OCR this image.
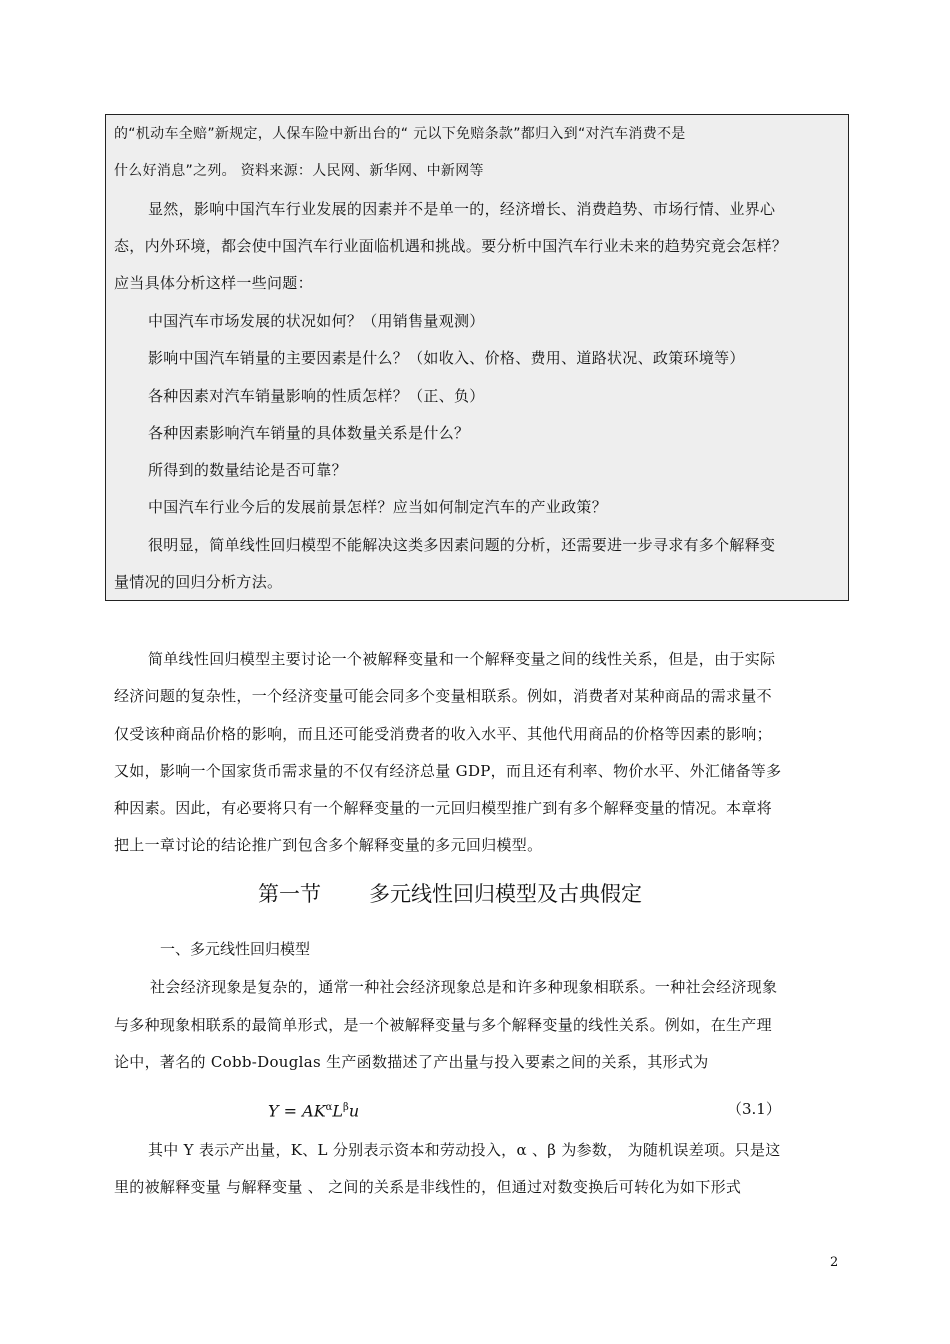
的“机动车全赔”新规定，人保车险中新出台的“ 元以下免赔条款”都归入到“对汽车消费不是
什么好消息”之列。 资料来源：人民网、新华网、中新网等
显然，影响中国汽车行业发展的因素并不是单一的，经济增长、消费趋势、市场行情、业界心
态，内外环境，都会使中国汽车行业面临机遇和挑战。要分析中国汽车行业未来的趋势究竟会怎样？
应当具体分析这样一些问题：
中国汽车市场发展的状况如何？（用销售量观测）
影响中国汽车销量的主要因素是什么？（如收入、价格、费用、道路状况、政策环境等）
各种因素对汽车销量影响的性质怎样？（正、负）
各种因素影响汽车销量的具体数量关系是什么？
所得到的数量结论是否可靠？
中国汽车行业今后的发展前景怎样？应当如何制定汽车的产业政策？
很明显，简单线性回归模型不能解决这类多因素问题的分析，还需要进一步寻求有多个解释变
量情况的回归分析方法。
简单线性回归模型主要讨论一个被解释变量和一个解释变量之间的线性关系，但是，由于实际
经济问题的复杂性，一个经济变量可能会同多个变量相联系。例如，消费者对某种商品的需求量不
仅受该种商品价格的影响，而且还可能受消费者的收入水平、其他代用商品的价格等因素的影响；
又如，影响一个国家货币需求量的不仅有经济总量 GDP，而且还有利率、物价水平、外汇储备等多
种因素。因此，有必要将只有一个解释变量的一元回归模型推广到有多个解释变量的情况。本章将
把上一章讨论的结论推广到包含多个解释变量的多元回归模型。
第一节 多元线性回归模型及古典假定
一、多元线性回归模型
社会经济现象是复杂的，通常一种社会经济现象总是和许多种现象相联系。一种社会经济现象
与多种现象相联系的最简单形式，是一个被解释变量与多个解释变量的线性关系。例如，在生产理
论中，著名的 Cobb-Douglas 生产函数描述了产出量与投入要素之间的关系，其形式为
$Y = AK^\alpha L^\beta u$	（3.1）
其中 Y 表示产出量，K、L 分别表示资本和劳动投入，α 、β 为参数， 为随机误差项。只是这
里的被解释变量 与解释变量 、 之间的关系是非线性的，但通过对数变换后可转化为如下形式
2
